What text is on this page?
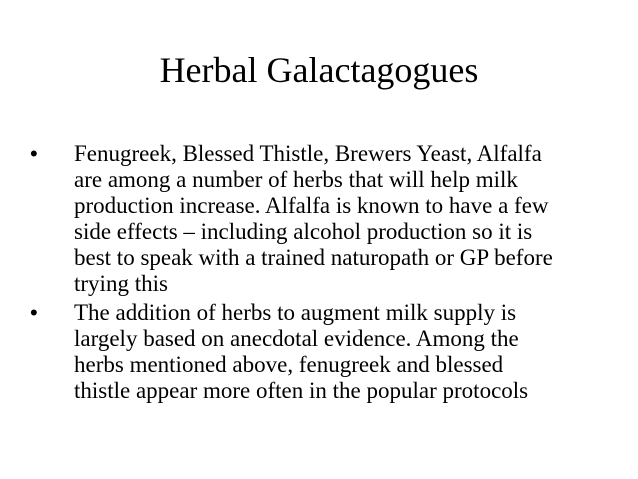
Herbal Galactagogues
•	Fenugreek, Blessed Thistle, Brewers Yeast, Alfalfa
are among a number of herbs that will help milk
production increase. Alfalfa is known to have a few
side effects – including alcohol production so it is
best to speak with a trained naturopath or GP before
trying this
•	The addition of herbs to augment milk supply is
largely based on anecdotal evidence. Among the
herbs mentioned above, fenugreek and blessed
thistle appear more often in the popular protocols
